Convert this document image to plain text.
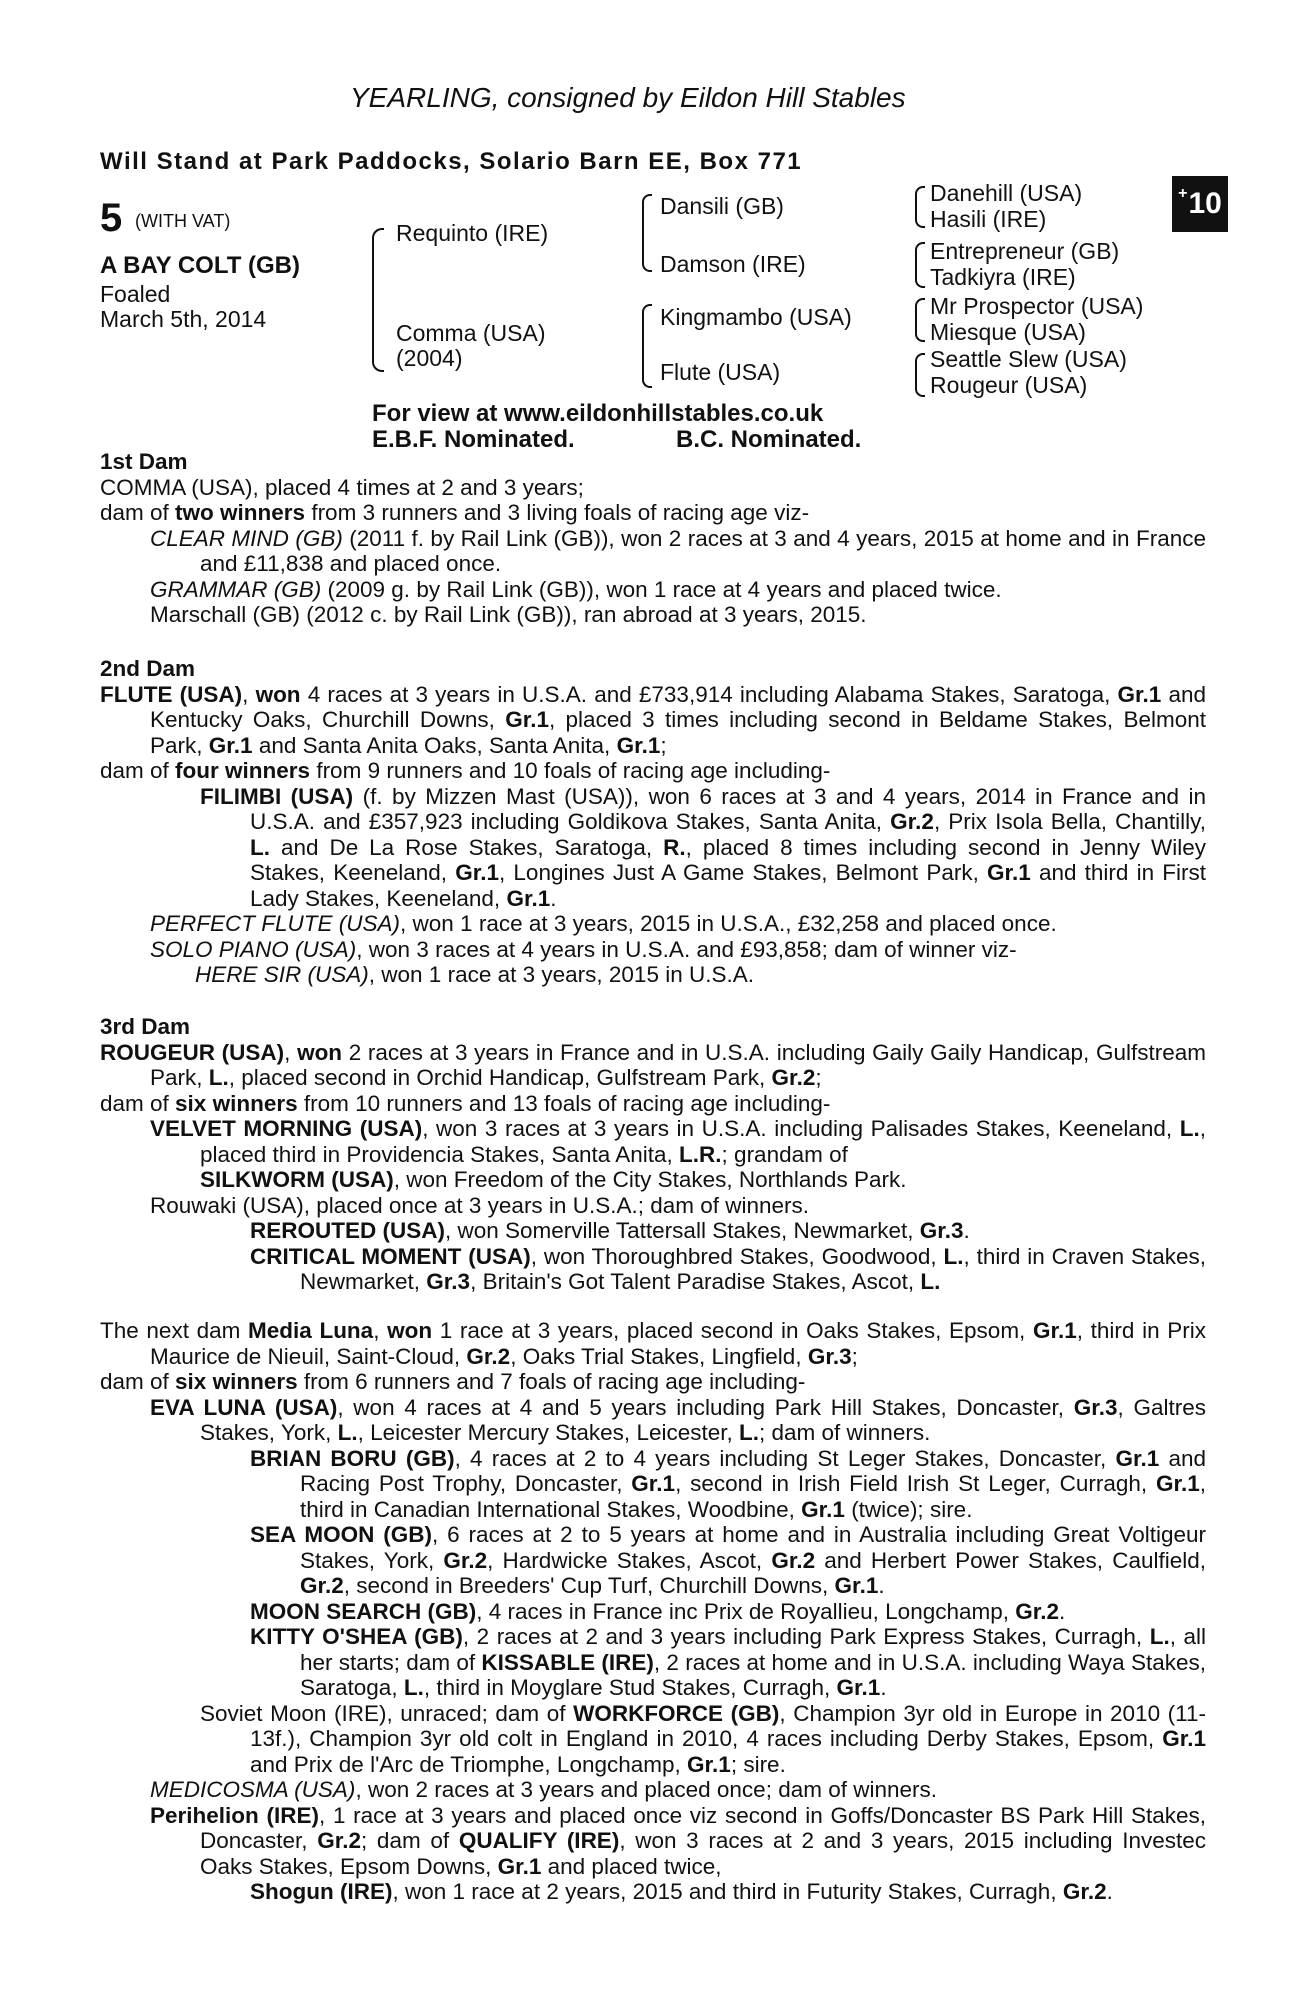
YEARLING, consigned by Eildon Hill Stables
Will Stand at Park Paddocks, Solario Barn EE, Box 771
+ 10
5 (WITH VAT)
A BAY COLT (GB)
Foaled
March 5th, 2014
Requinto (IRE)
Comma (USA)
(2004)
Dansili (GB)
Damson (IRE)
Kingmambo (USA)
Flute (USA)
Danehill (USA)
Hasili (IRE)
Entrepreneur (GB)
Tadkiyra (IRE)
Mr Prospector (USA)
Miesque (USA)
Seattle Slew (USA)
Rougeur (USA)
For view at www.eildonhillstables.co.uk
E.B.F. Nominated.	B.C. Nominated.

1st Dam

COMMA (USA), placed 4 times at 2 and 3 years;

dam of two winners from 3 runners and 3 living foals of racing age viz-

CLEAR MIND (GB) (2011 f. by Rail Link (GB)), won 2 races at 3 and 4 years, 2015 at home and in France and £11,838 and placed once.

GRAMMAR (GB) (2009 g. by Rail Link (GB)), won 1 race at 4 years and placed twice.

Marschall (GB) (2012 c. by Rail Link (GB)), ran abroad at 3 years, 2015.

2nd Dam

FLUTE (USA), won 4 races at 3 years in U.S.A. and £733,914 including Alabama Stakes, Saratoga, Gr.1 and Kentucky Oaks, Churchill Downs, Gr.1, placed 3 times including second in Beldame Stakes, Belmont Park, Gr.1 and Santa Anita Oaks, Santa Anita, Gr.1;

dam of four winners from 9 runners and 10 foals of racing age including-

FILIMBI (USA) (f. by Mizzen Mast (USA)), won 6 races at 3 and 4 years, 2014 in France and in U.S.A. and £357,923 including Goldikova Stakes, Santa Anita, Gr.2, Prix Isola Bella, Chantilly, L. and De La Rose Stakes, Saratoga, R., placed 8 times including second in Jenny Wiley Stakes, Keeneland, Gr.1, Longines Just A Game Stakes, Belmont Park, Gr.1 and third in First Lady Stakes, Keeneland, Gr.1.

PERFECT FLUTE (USA), won 1 race at 3 years, 2015 in U.S.A., £32,258 and placed once.

SOLO PIANO (USA), won 3 races at 4 years in U.S.A. and £93,858; dam of winner viz-

HERE SIR (USA), won 1 race at 3 years, 2015 in U.S.A.

3rd Dam

ROUGEUR (USA), won 2 races at 3 years in France and in U.S.A. including Gaily Gaily Handicap, Gulfstream Park, L., placed second in Orchid Handicap, Gulfstream Park, Gr.2;

dam of six winners from 10 runners and 13 foals of racing age including-

VELVET MORNING (USA), won 3 races at 3 years in U.S.A. including Palisades Stakes, Keeneland, L., placed third in Providencia Stakes, Santa Anita, L.R.; grandam of

SILKWORM (USA), won Freedom of the City Stakes, Northlands Park.

Rouwaki (USA), placed once at 3 years in U.S.A.; dam of winners.

REROUTED (USA), won Somerville Tattersall Stakes, Newmarket, Gr.3.

CRITICAL MOMENT (USA), won Thoroughbred Stakes, Goodwood, L., third in Craven Stakes, Newmarket, Gr.3, Britain's Got Talent Paradise Stakes, Ascot, L.

The next dam Media Luna, won 1 race at 3 years, placed second in Oaks Stakes, Epsom, Gr.1, third in Prix Maurice de Nieuil, Saint-Cloud, Gr.2, Oaks Trial Stakes, Lingfield, Gr.3;

dam of six winners from 6 runners and 7 foals of racing age including-

EVA LUNA (USA), won 4 races at 4 and 5 years including Park Hill Stakes, Doncaster, Gr.3, Galtres Stakes, York, L., Leicester Mercury Stakes, Leicester, L.; dam of winners.

BRIAN BORU (GB), 4 races at 2 to 4 years including St Leger Stakes, Doncaster, Gr.1 and Racing Post Trophy, Doncaster, Gr.1, second in Irish Field Irish St Leger, Curragh, Gr.1, third in Canadian International Stakes, Woodbine, Gr.1 (twice); sire.

SEA MOON (GB), 6 races at 2 to 5 years at home and in Australia including Great Voltigeur Stakes, York, Gr.2, Hardwicke Stakes, Ascot, Gr.2 and Herbert Power Stakes, Caulfield, Gr.2, second in Breeders' Cup Turf, Churchill Downs, Gr.1.

MOON SEARCH (GB), 4 races in France inc Prix de Royallieu, Longchamp, Gr.2.

KITTY O'SHEA (GB), 2 races at 2 and 3 years including Park Express Stakes, Curragh, L., all her starts; dam of KISSABLE (IRE), 2 races at home and in U.S.A. including Waya Stakes, Saratoga, L., third in Moyglare Stud Stakes, Curragh, Gr.1.

Soviet Moon (IRE), unraced; dam of WORKFORCE (GB), Champion 3yr old in Europe in 2010 (11-13f.), Champion 3yr old colt in England in 2010, 4 races including Derby Stakes, Epsom, Gr.1 and Prix de l'Arc de Triomphe, Longchamp, Gr.1; sire.

MEDICOSMA (USA), won 2 races at 3 years and placed once; dam of winners.

Perihelion (IRE), 1 race at 3 years and placed once viz second in Goffs/Doncaster BS Park Hill Stakes, Doncaster, Gr.2; dam of QUALIFY (IRE), won 3 races at 2 and 3 years, 2015 including Investec Oaks Stakes, Epsom Downs, Gr.1 and placed twice,

Shogun (IRE), won 1 race at 2 years, 2015 and third in Futurity Stakes, Curragh, Gr.2.
